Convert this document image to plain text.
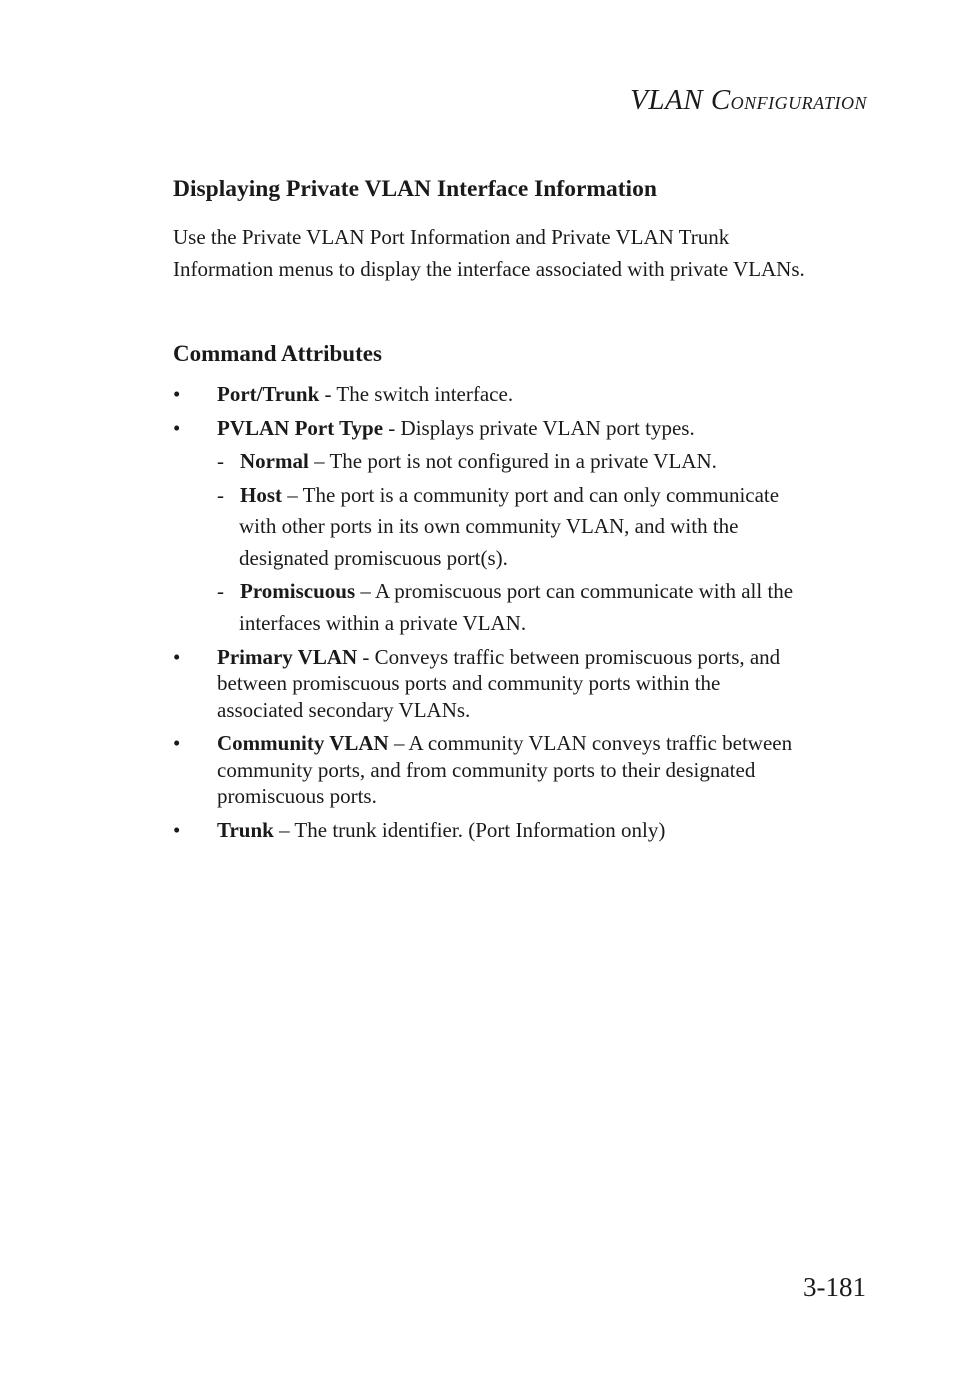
VLAN CONFIGURATION
Displaying Private VLAN Interface Information

Use the Private VLAN Port Information and Private VLAN Trunk Information menus to display the interface associated with private VLANs.

Command Attributes
• Port/Trunk - The switch interface.
• PVLAN Port Type - Displays private VLAN port types.
- Normal – The port is not configured in a private VLAN.
- Host – The port is a community port and can only communicate
with other ports in its own community VLAN, and with the
designated promiscuous port(s).
- Promiscuous – A promiscuous port can communicate with all the
interfaces within a private VLAN.
• Primary VLAN - Conveys traffic between promiscuous ports, and
between promiscuous ports and community ports within the
associated secondary VLANs.
• Community VLAN – A community VLAN conveys traffic between
community ports, and from community ports to their designated
promiscuous ports.
• Trunk – The trunk identifier. (Port Information only)
3-181
